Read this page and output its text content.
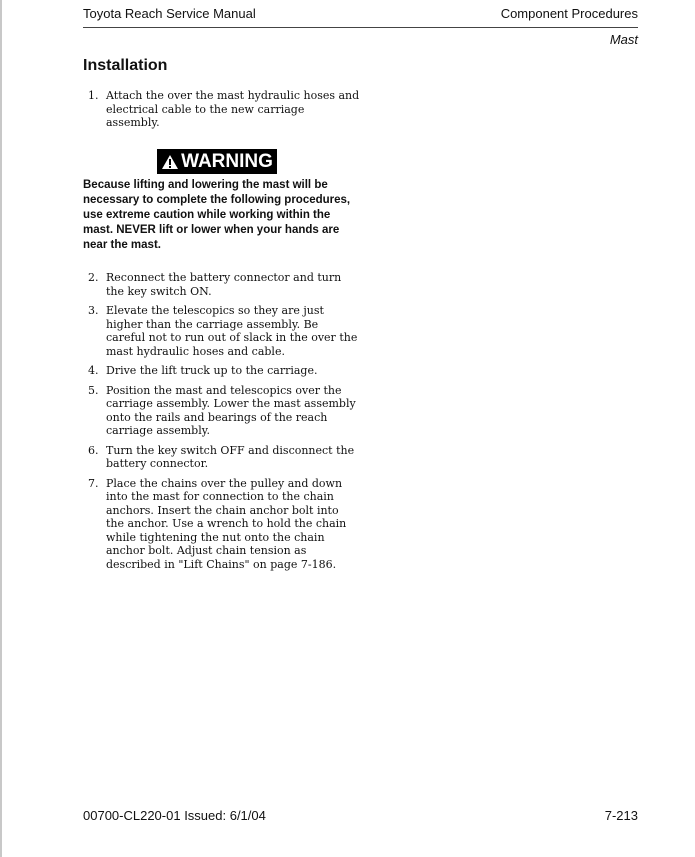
Toyota Reach Service Manual	Component Procedures
Mast
Installation
1. Attach the over the mast hydraulic hoses and electrical cable to the new carriage assembly.
WARNING
Because lifting and lowering the mast will be necessary to complete the following procedures, use extreme caution while working within the mast. NEVER lift or lower when your hands are near the mast.
2. Reconnect the battery connector and turn the key switch ON.
3. Elevate the telescopics so they are just higher than the carriage assembly. Be careful not to run out of slack in the over the mast hydraulic hoses and cable.
4. Drive the lift truck up to the carriage.
5. Position the mast and telescopics over the carriage assembly. Lower the mast assembly onto the rails and bearings of the reach carriage assembly.
6. Turn the key switch OFF and disconnect the battery connector.
7. Place the chains over the pulley and down into the mast for connection to the chain anchors. Insert the chain anchor bolt into the anchor. Use a wrench to hold the chain while tightening the nut onto the chain anchor bolt. Adjust chain tension as described in "Lift Chains" on page 7-186.
00700-CL220-01 Issued: 6/1/04	7-213
